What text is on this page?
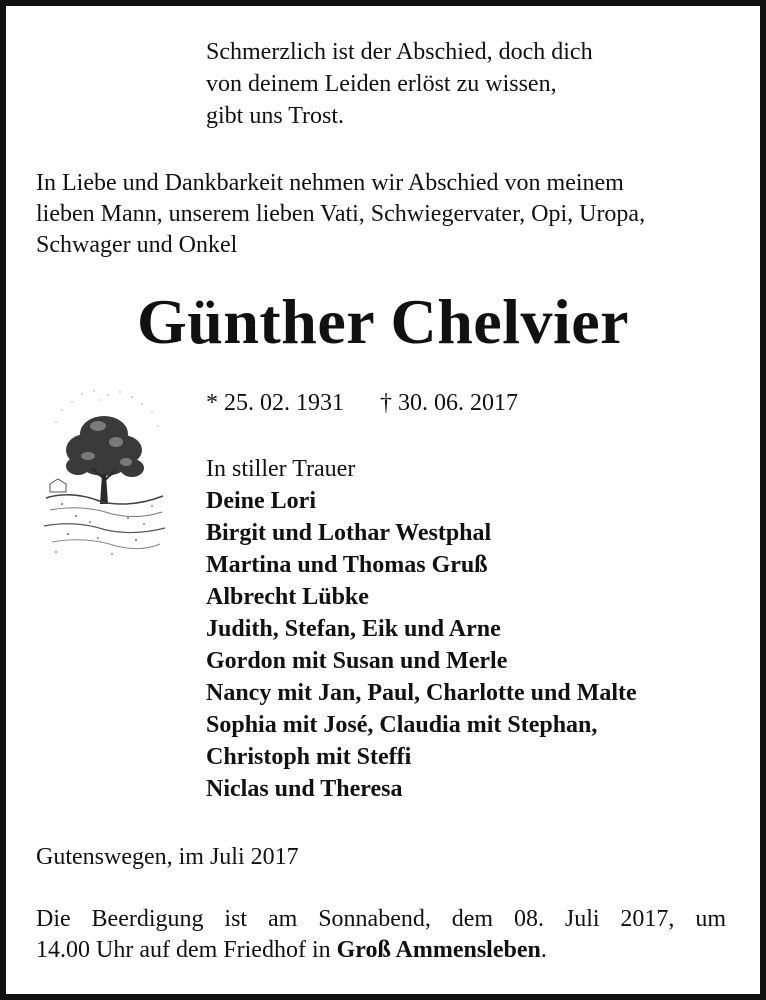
Schmerzlich ist der Abschied, doch dich
von deinem Leiden erlöst zu wissen,
gibt uns Trost.
In Liebe und Dankbarkeit nehmen wir Abschied von meinem
lieben Mann, unserem lieben Vati, Schwiegervater, Opi, Uropa,
Schwager und Onkel
Günther Chelvier
* 25. 02. 1931 † 30. 06. 2017
In stiller Trauer
Deine Lori
Birgit und Lothar Westphal
Martina und Thomas Gruß
Albrecht Lübke
Judith, Stefan, Eik und Arne
Gordon mit Susan und Merle
Nancy mit Jan, Paul, Charlotte und Malte
Sophia mit José, Claudia mit Stephan,
Christoph mit Steffi
Niclas und Theresa
Gutenswegen, im Juli 2017
Die Beerdigung ist am Sonnabend, dem 08. Juli 2017, um
14.00 Uhr auf dem Friedhof in Groß Ammensleben.
